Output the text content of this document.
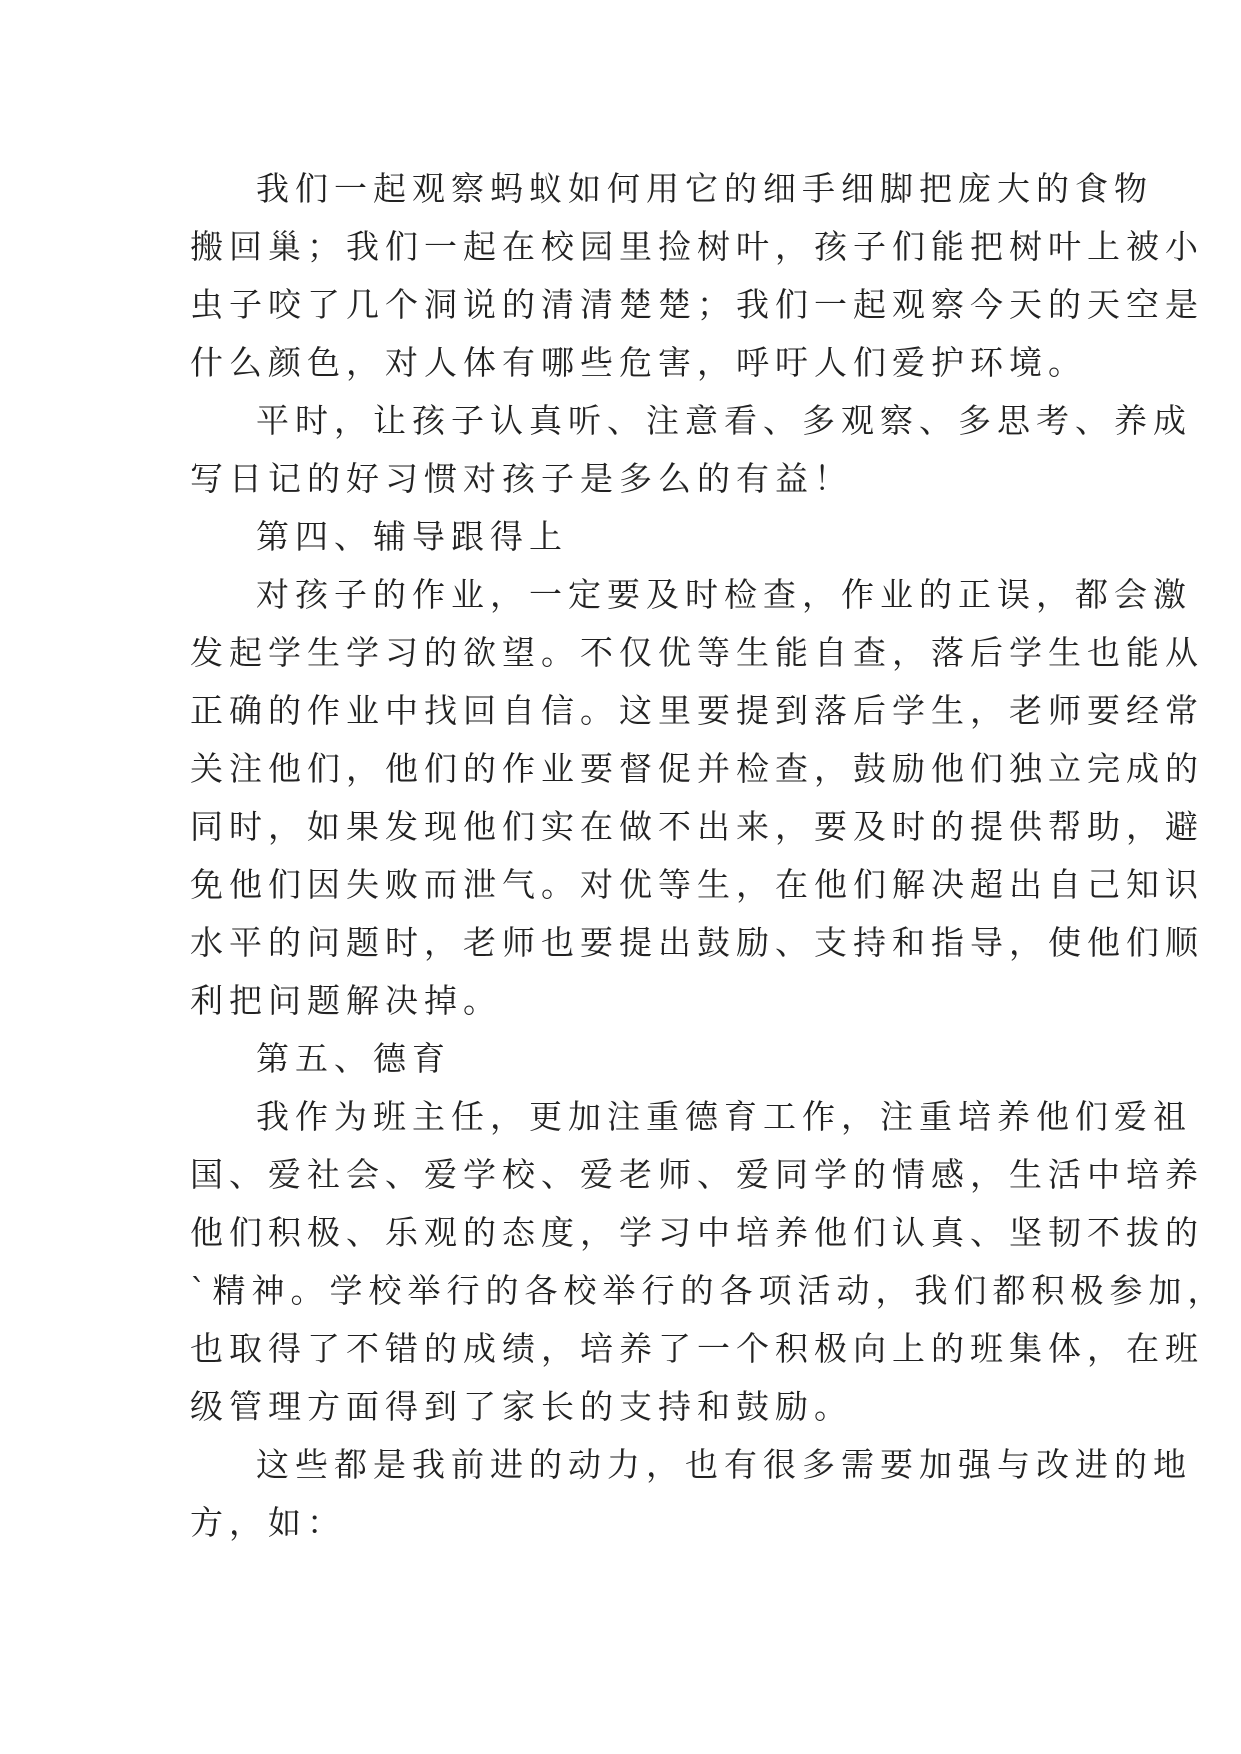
我们一起观察蚂蚁如何用它的细手细脚把庞大的食物
搬回巢；我们一起在校园里捡树叶，孩子们能把树叶上被小
虫子咬了几个洞说的清清楚楚；我们一起观察今天的天空是
什么颜色，对人体有哪些危害，呼吁人们爱护环境。
平时，让孩子认真听、注意看、多观察、多思考、养成
写日记的好习惯对孩子是多么的有益！
第四、辅导跟得上
对孩子的作业，一定要及时检查，作业的正误，都会激
发起学生学习的欲望。不仅优等生能自查，落后学生也能从
正确的作业中找回自信。这里要提到落后学生，老师要经常
关注他们，他们的作业要督促并检查，鼓励他们独立完成的
同时，如果发现他们实在做不出来，要及时的提供帮助，避
免他们因失败而泄气。对优等生，在他们解决超出自己知识
水平的问题时，老师也要提出鼓励、支持和指导，使他们顺
利把问题解决掉。
第五、德育
我作为班主任，更加注重德育工作，注重培养他们爱祖
国、爱社会、爱学校、爱老师、爱同学的情感，生活中培养
他们积极、乐观的态度，学习中培养他们认真、坚韧不拔的
`精神。学校举行的各校举行的各项活动，我们都积极参加，
也取得了不错的成绩，培养了一个积极向上的班集体，在班
级管理方面得到了家长的支持和鼓励。
这些都是我前进的动力，也有很多需要加强与改进的地
方，如：
